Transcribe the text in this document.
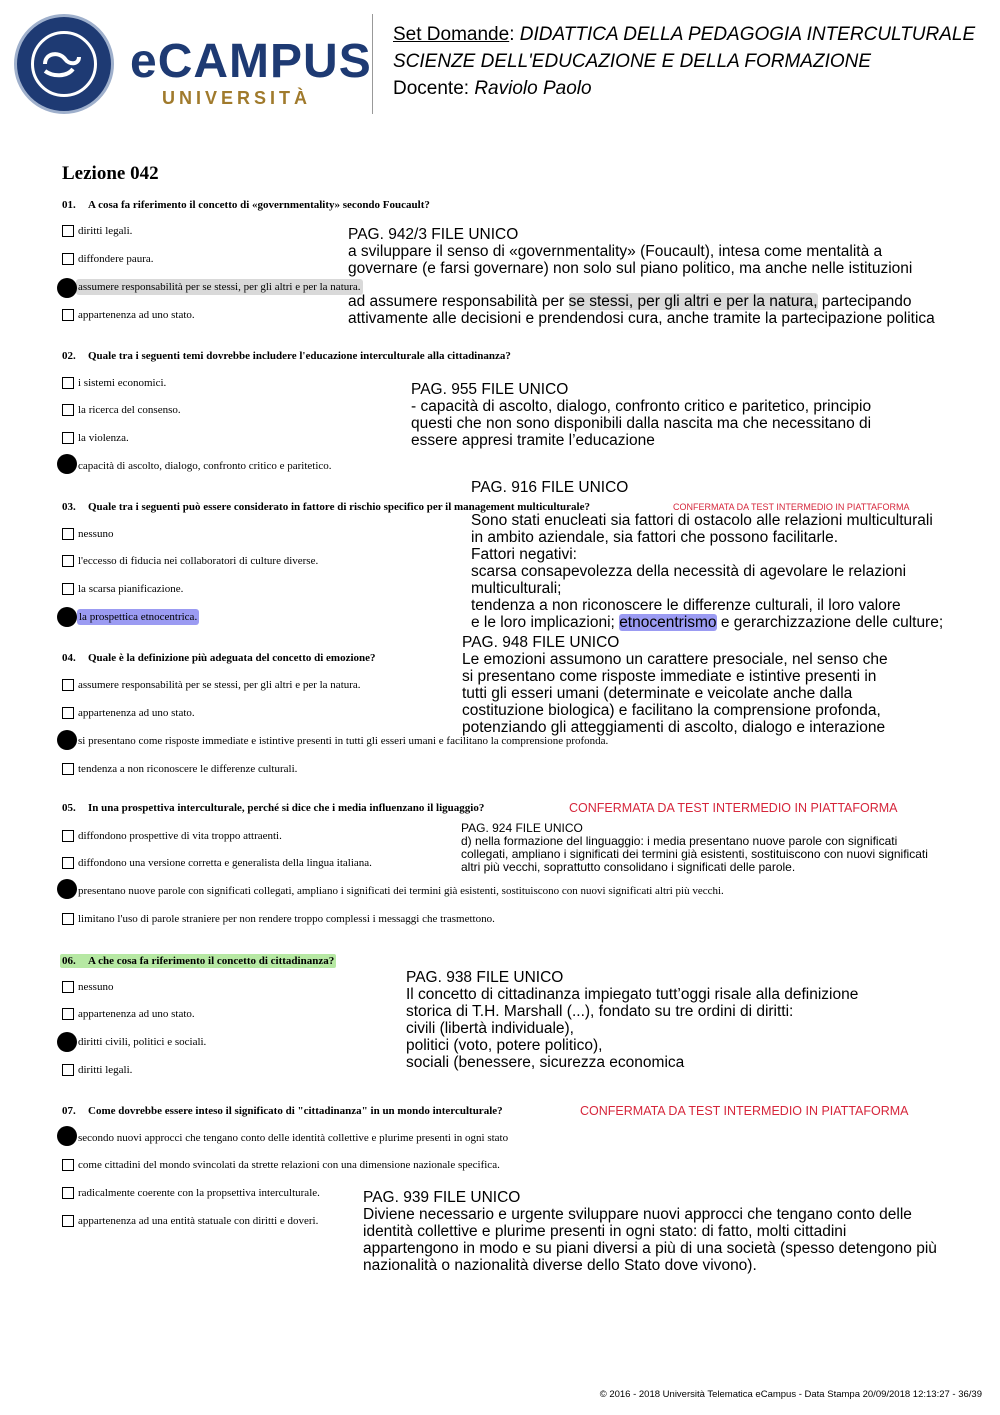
eCAMPUS
UNIVERSITÀ
Set Domande: DIDATTICA DELLA PEDAGOGIA INTERCULTURALE
SCIENZE DELL'EDUCAZIONE E DELLA FORMAZIONE
Docente: Raviolo Paolo
Lezione 042
01. A cosa fa riferimento il concetto di «governmentality» secondo Foucault?
diritti legali.
diffondere paura.
assumere responsabilità per se stessi, per gli altri e per la natura.
appartenenza ad uno stato.

PAG. 942/3 FILE UNICO

a sviluppare il senso di «governmentality» (Foucault), intesa come mentalità a

governare (e farsi governare) non solo sul piano politico, ma anche nelle istituzioni

ad assumere responsabilità per se stessi, per gli altri e per la natura, partecipando

attivamente alle decisioni e prendendosi cura, anche tramite la partecipazione politica

02. Quale tra i seguenti temi dovrebbe includere l'educazione interculturale alla cittadinanza?
i sistemi economici.
la ricerca del consenso.
la violenza.
capacità di ascolto, dialogo, confronto critico e paritetico.

PAG. 955 FILE UNICO

- capacità di ascolto, dialogo, confronto critico e paritetico, principio

questi che non sono disponibili dalla nascita ma che necessitano di

essere appresi tramite l’educazione

PAG. 916 FILE UNICO
03. Quale tra i seguenti può essere considerato in fattore di rischio specifico per il management multiculturale?	CONFERMATA DA TEST INTERMEDIO IN PIATTAFORMA
nessuno
l'eccesso di fiducia nei collaboratori di culture diverse.
la scarsa pianificazione.
la prospettica etnocentrica.

Sono stati enucleati sia fattori di ostacolo alle relazioni multiculturali

in ambito aziendale, sia fattori che possono facilitarle.

Fattori negativi:

scarsa consapevolezza della necessità di agevolare le relazioni

multiculturali;

tendenza a non riconoscere le differenze culturali, il loro valore

e le loro implicazioni; etnocentrismo e gerarchizzazione delle culture;

04. Quale è la definizione più adeguata del concetto di emozione?
assumere responsabilità per se stessi, per gli altri e per la natura.
appartenenza ad uno stato.
si presentano come risposte immediate e istintive presenti in tutti gli esseri umani e facilitano la comprensione profonda.
tendenza a non riconoscere le differenze culturali.

PAG. 948 FILE UNICO

Le emozioni assumono un carattere presociale, nel senso che

si presentano come risposte immediate e istintive presenti in

tutti gli esseri umani (determinate e veicolate anche dalla

costituzione biologica) e facilitano la comprensione profonda,

potenziando gli atteggiamenti di ascolto, dialogo e interazione

05. In una prospettiva interculturale, perché si dice che i media influenzano il liguaggio?	CONFERMATA DA TEST INTERMEDIO IN PIATTAFORMA
diffondono prospettive di vita troppo attraenti.
diffondono una versione corretta e generalista della lingua italiana.
presentano nuove parole con significati collegati, ampliano i significati dei termini già esistenti, sostituiscono con nuovi significati altri più vecchi.
limitano l'uso di parole straniere per non rendere troppo complessi i messaggi che trasmettono.

PAG. 924 FILE UNICO

d) nella formazione del linguaggio: i media presentano nuove parole con significati

collegati, ampliano i significati dei termini già esistenti, sostituiscono con nuovi significati

altri più vecchi, soprattutto consolidano i significati delle parole.

06. A che cosa fa riferimento il concetto di cittadinanza?
nessuno
appartenenza ad uno stato.
diritti civili, politici e sociali.
diritti legali.

PAG. 938 FILE UNICO

Il concetto di cittadinanza impiegato tutt’oggi risale alla definizione

storica di T.H. Marshall (...), fondato su tre ordini di diritti:

civili (libertà individuale),

politici (voto, potere politico),

sociali (benessere, sicurezza economica

07. Come dovrebbe essere inteso il significato di "cittadinanza" in un mondo interculturale?	CONFERMATA DA TEST INTERMEDIO IN PIATTAFORMA
secondo nuovi approcci che tengano conto delle identità collettive e plurime presenti in ogni stato
come cittadini del mondo svincolati da strette relazioni con una dimensione nazionale specifica.
radicalmente coerente con la propsettiva interculturale.
appartenenza ad una entità statuale con diritti e doveri.

PAG. 939 FILE UNICO

Diviene necessario e urgente sviluppare nuovi approcci che tengano conto delle

identità collettive e plurime presenti in ogni stato: di fatto, molti cittadini

appartengono in modo e su piani diversi a più di una società (spesso detengono più

nazionalità o nazionalità diverse dello Stato dove vivono).

© 2016 - 2018 Università Telematica eCampus - Data Stampa 20/09/2018 12:13:27 - 36/39
